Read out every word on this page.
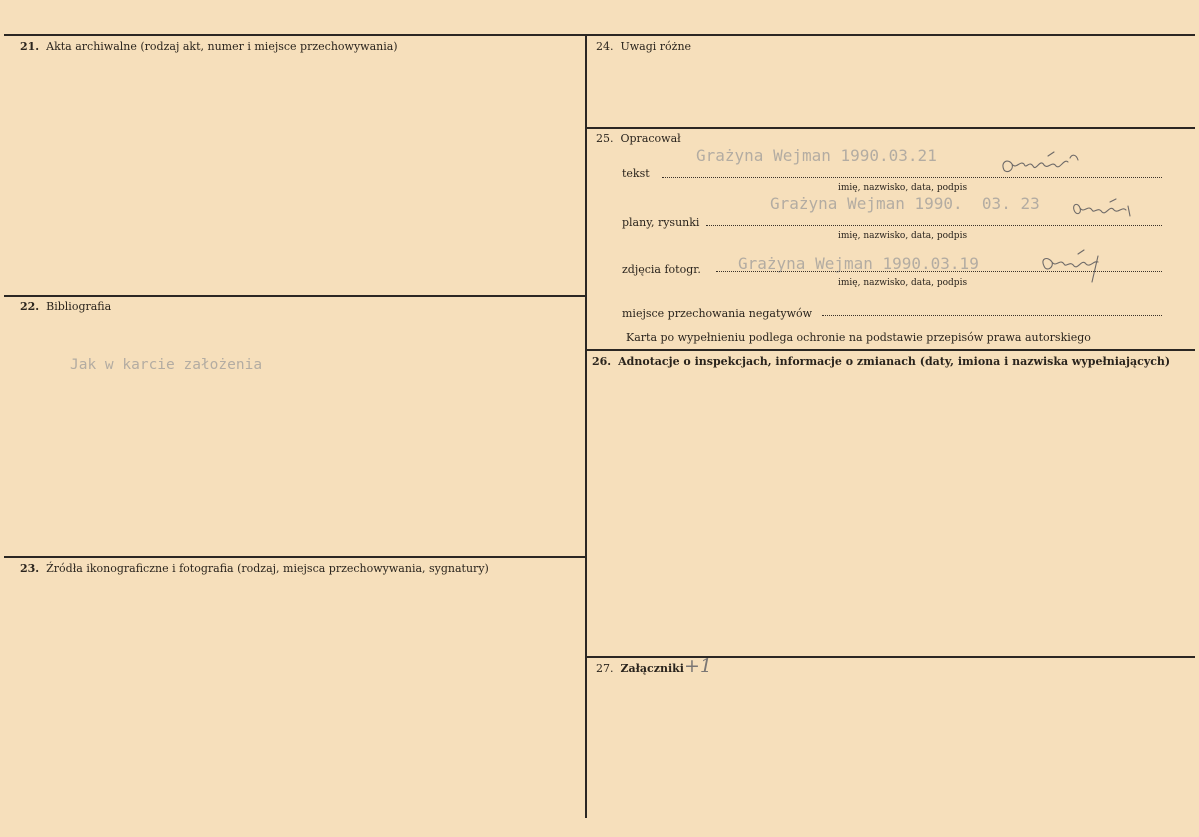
21. Akta archiwalne (rodzaj akt, numer i miejsce przechowywania)
22. Bibliografia
Jak w karcie założenia
23. Źródła ikonograficzne i fotografia (rodzaj, miejsca przechowywania, sygnatury)
24. Uwagi różne
25. Opracował
Grażyna Wejman 1990.03.21
tekst
imię, nazwisko, data, podpis
Grażyna Wejman 1990.  03. 23
plany, rysunki
imię, nazwisko, data, podpis
Grażyna Wejman 1990.03.19
zdjęcia fotogr.
imię, nazwisko, data, podpis
miejsce przechowania negatywów
Karta po wypełnieniu podlega ochronie na podstawie przepisów prawa autorskiego
26. Adnotacje o inspekcjach, informacje o zmianach (daty, imiona i nazwiska wypełniających)
27. Załączniki +1
